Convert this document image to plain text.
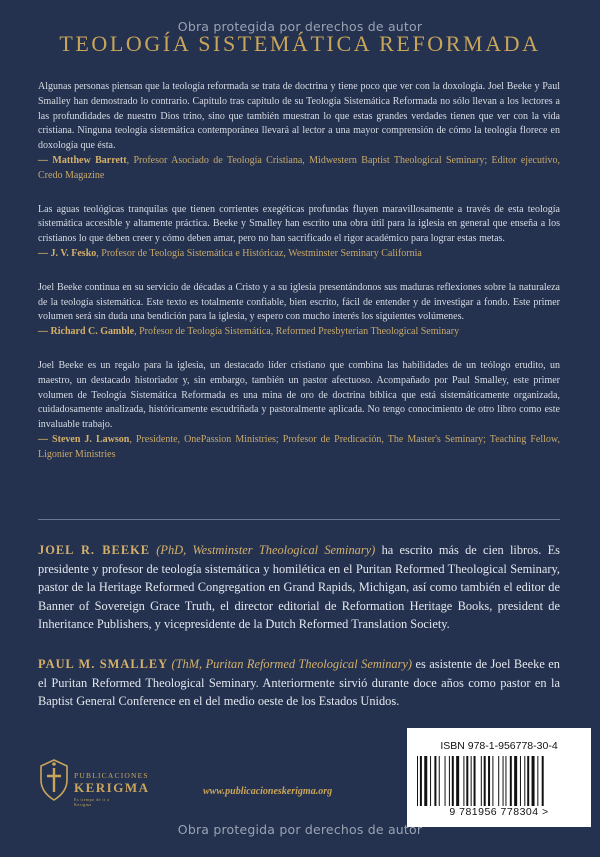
Obra protegida por derechos de autor
TEOLOGÍA SISTEMÁTICA REFORMADA

Algunas personas piensan que la teología reformada se trata de doctrina y tiene poco que ver con la doxología. Joel Beeke y Paul Smalley han demostrado lo contrario. Capítulo tras capítulo de su Teología Sistemática Reformada no sólo llevan a los lectores a las profundidades de nuestro Dios trino, sino que también muestran lo que estas grandes verdades tienen que ver con la vida cristiana. Ninguna teología sistemática contemporánea llevará al lector a una mayor comprensión de cómo la teología florece en doxología que ésta.

— Matthew Barrett, Profesor Asociado de Teología Cristiana, Midwestern Baptist Theological Seminary; Editor ejecutivo, Credo Magazine

Las aguas teológicas tranquilas que tienen corrientes exegéticas profundas fluyen maravillosamente a través de esta teología sistemática accesible y altamente práctica. Beeke y Smalley han escrito una obra útil para la iglesia en general que enseña a los cristianos lo que deben creer y cómo deben amar, pero no han sacrificado el rigor académico para lograr estas metas.

— J. V. Fesko, Profesor de Teología Sistemática e Históricaz, Westminster Seminary California

Joel Beeke continua en su servicio de décadas a Cristo y a su iglesia presentándonos sus maduras reflexiones sobre la naturaleza de la teología sistemática. Este texto es totalmente confiable, bien escrito, fácil de entender y de investigar a fondo. Este primer volumen será sin duda una bendición para la iglesia, y espero con mucho interés los siguientes volúmenes.

— Richard C. Gamble, Profesor de Teología Sistemática, Reformed Presbyterian Theological Seminary

Joel Beeke es un regalo para la iglesia, un destacado líder cristiano que combina las habilidades de un teólogo erudito, un maestro, un destacado historiador y, sin embargo, también un pastor afectuoso. Acompañado por Paul Smalley, este primer volumen de Teología Sistemática Reformada es una mina de oro de doctrina bíblica que está sistemáticamente organizada, cuidadosamente analizada, históricamente escudriñada y pastoralmente aplicada. No tengo conocimiento de otro libro como este invaluable trabajo.

— Steven J. Lawson, Presidente, OnePassion Ministries; Profesor de Predicación, The Master's Seminary; Teaching Fellow, Ligonier Ministries

JOEL R. BEEKE (PhD, Westminster Theological Seminary) ha escrito más de cien libros. Es presidente y profesor de teología sistemática y homilética en el Puritan Reformed Theological Seminary, pastor de la Heritage Reformed Congregation en Grand Rapids, Michigan, así como también el editor de Banner of Sovereign Grace Truth, el director editorial de Reformation Heritage Books, president de Inheritance Publishers, y vicepresidente de la Dutch Reformed Translation Society.
PAUL M. SMALLEY (ThM, Puritan Reformed Theological Seminary) es asistente de Joel Beeke en el Puritan Reformed Theological Seminary. Anteriormente sirvió durante doce años como pastor en la Baptist General Conference en el del medio oeste de los Estados Unidos.
PUBLICACIONES
KERIGMA
Es tiempo de ir a Kerigma
www.publicacioneskerigma.org
ISBN 978-1-956778-30-4
9 781956 778304 >
Obra protegida por derechos de autor
